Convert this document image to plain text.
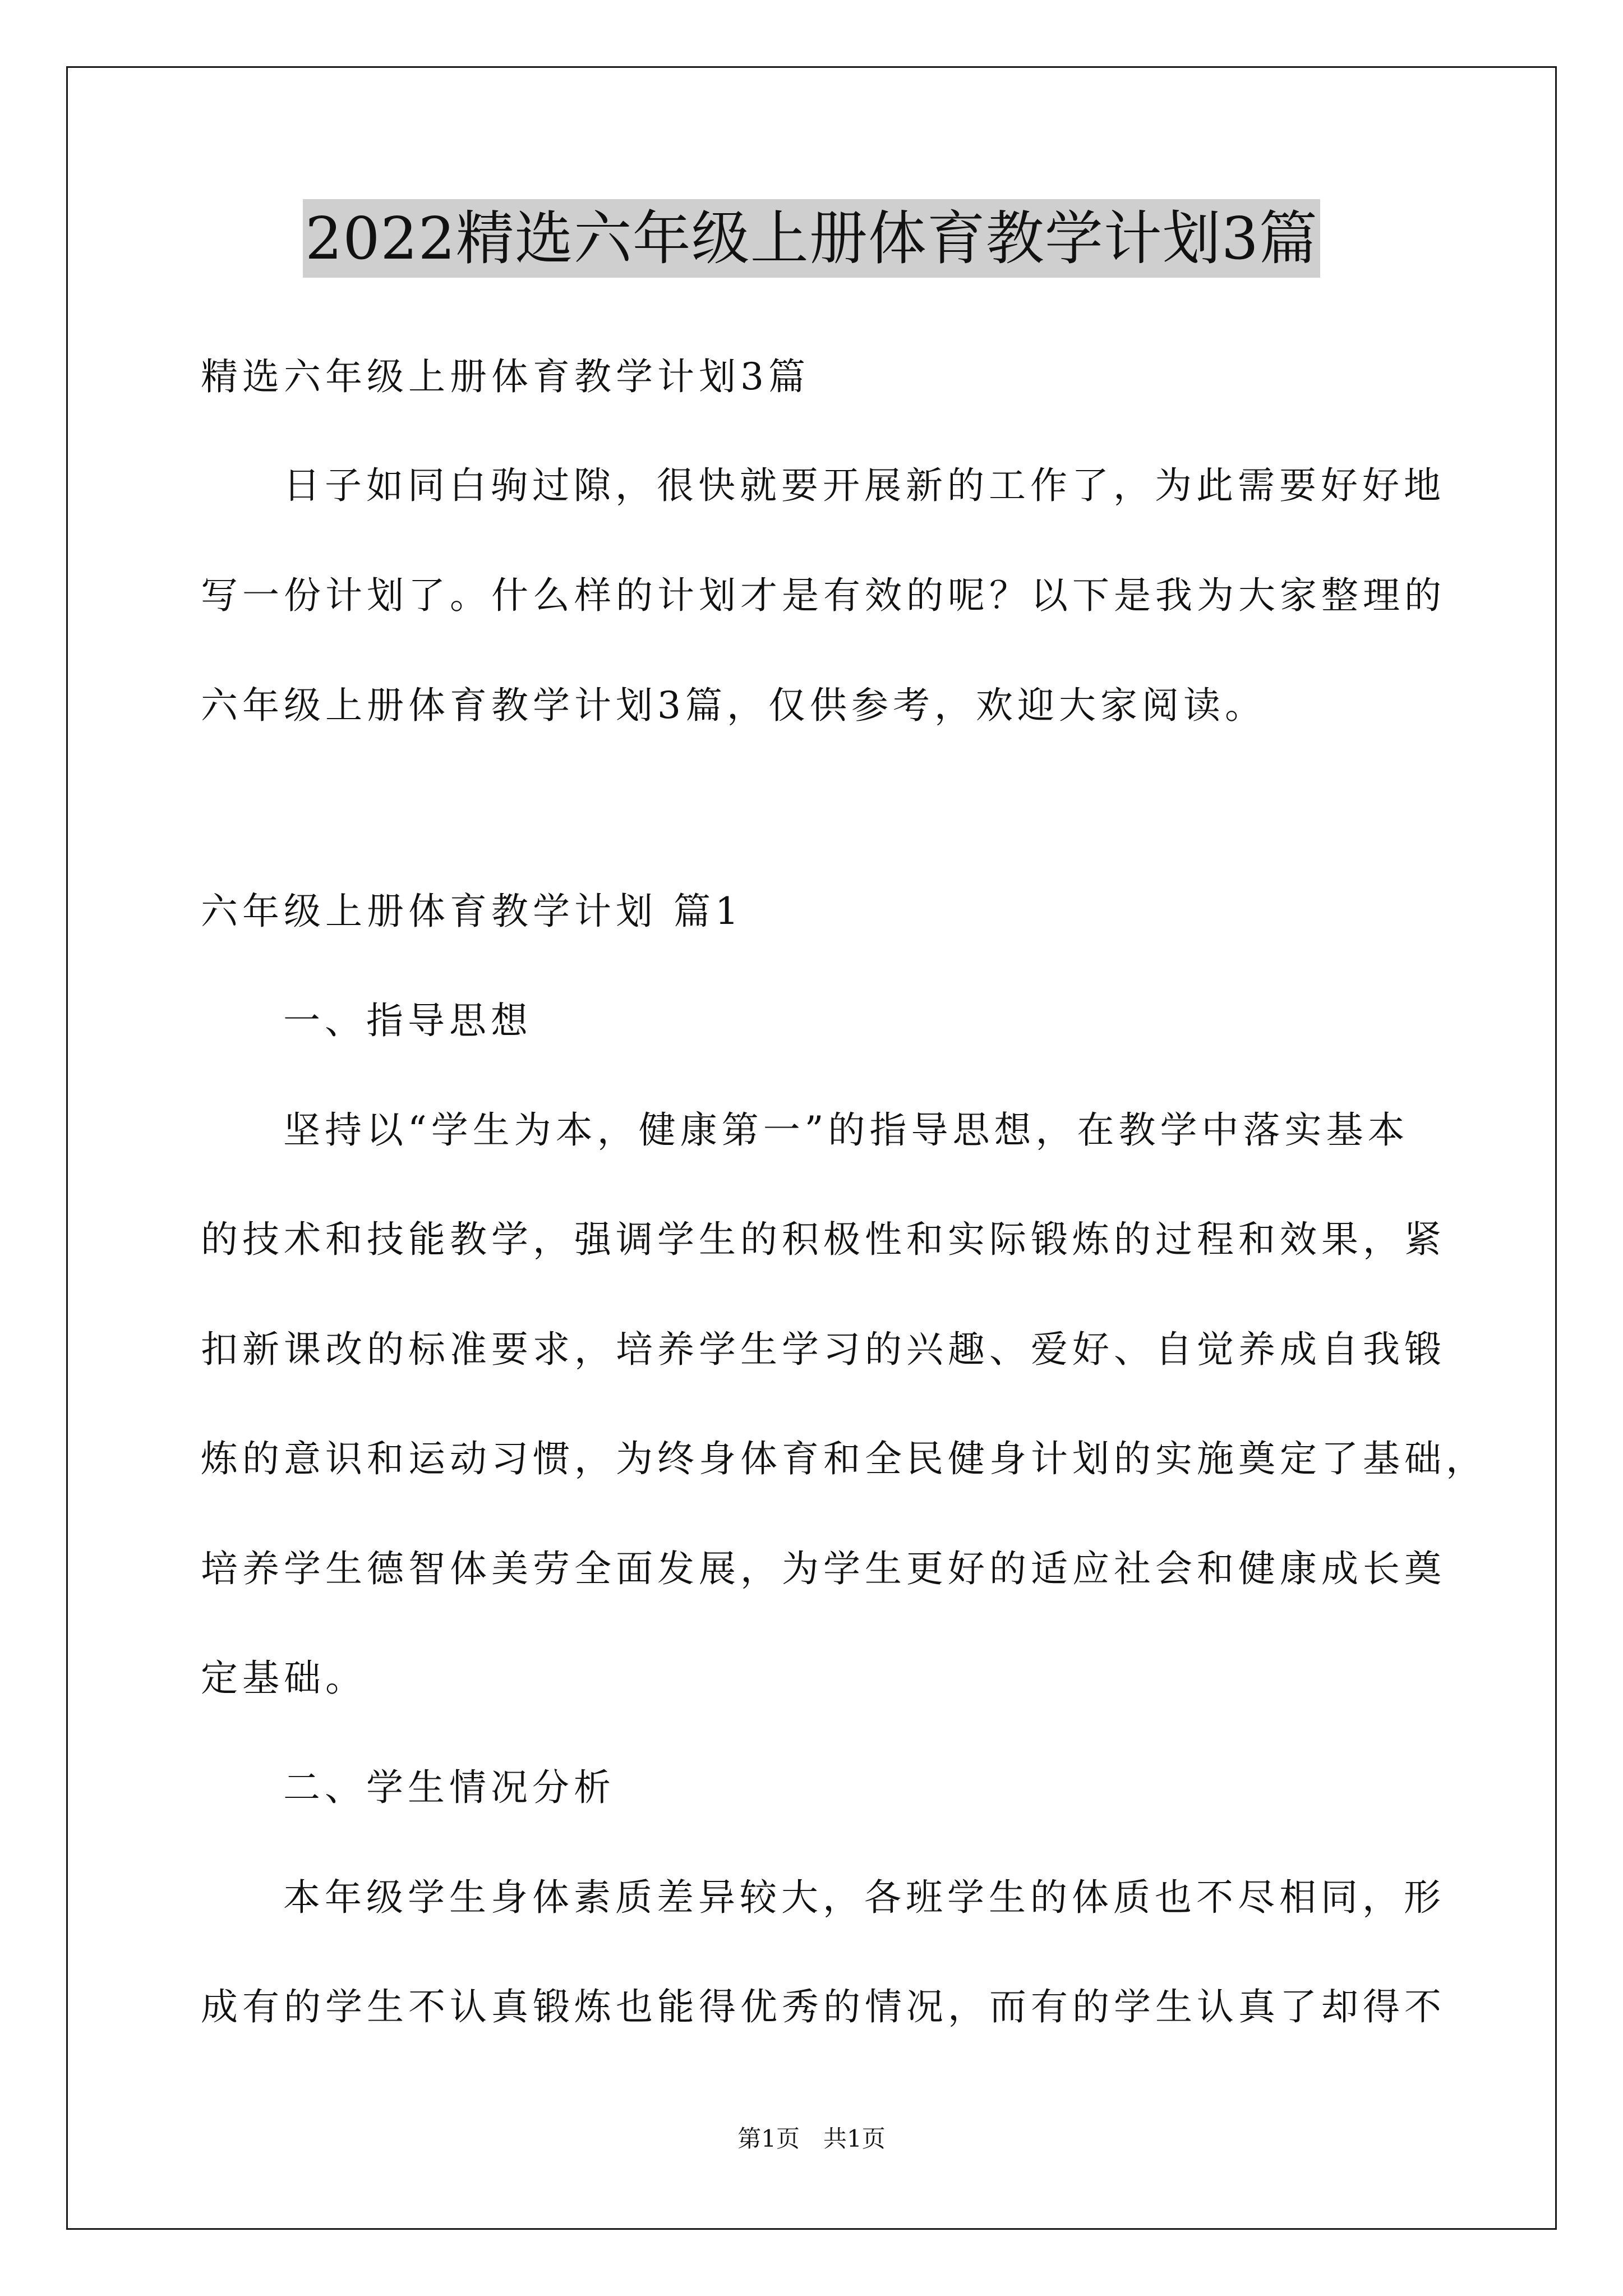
2022精选六年级上册体育教学计划3篇
精选六年级上册体育教学计划3篇
日子如同白驹过隙，很快就要开展新的工作了，为此需要好好地
写一份计划了。什么样的计划才是有效的呢？以下是我为大家整理的
六年级上册体育教学计划3篇，仅供参考，欢迎大家阅读。
六年级上册体育教学计划 篇1
一、指导思想
坚持以“学生为本，健康第一”的指导思想，在教学中落实基本
的技术和技能教学，强调学生的积极性和实际锻炼的过程和效果，紧
扣新课改的标准要求，培养学生学习的兴趣、爱好、自觉养成自我锻
炼的意识和运动习惯，为终身体育和全民健身计划的实施奠定了基础，
培养学生德智体美劳全面发展，为学生更好的适应社会和健康成长奠
定基础。
二、学生情况分析
本年级学生身体素质差异较大，各班学生的体质也不尽相同，形
成有的学生不认真锻炼也能得优秀的情况，而有的学生认真了却得不
第1页　共1页
